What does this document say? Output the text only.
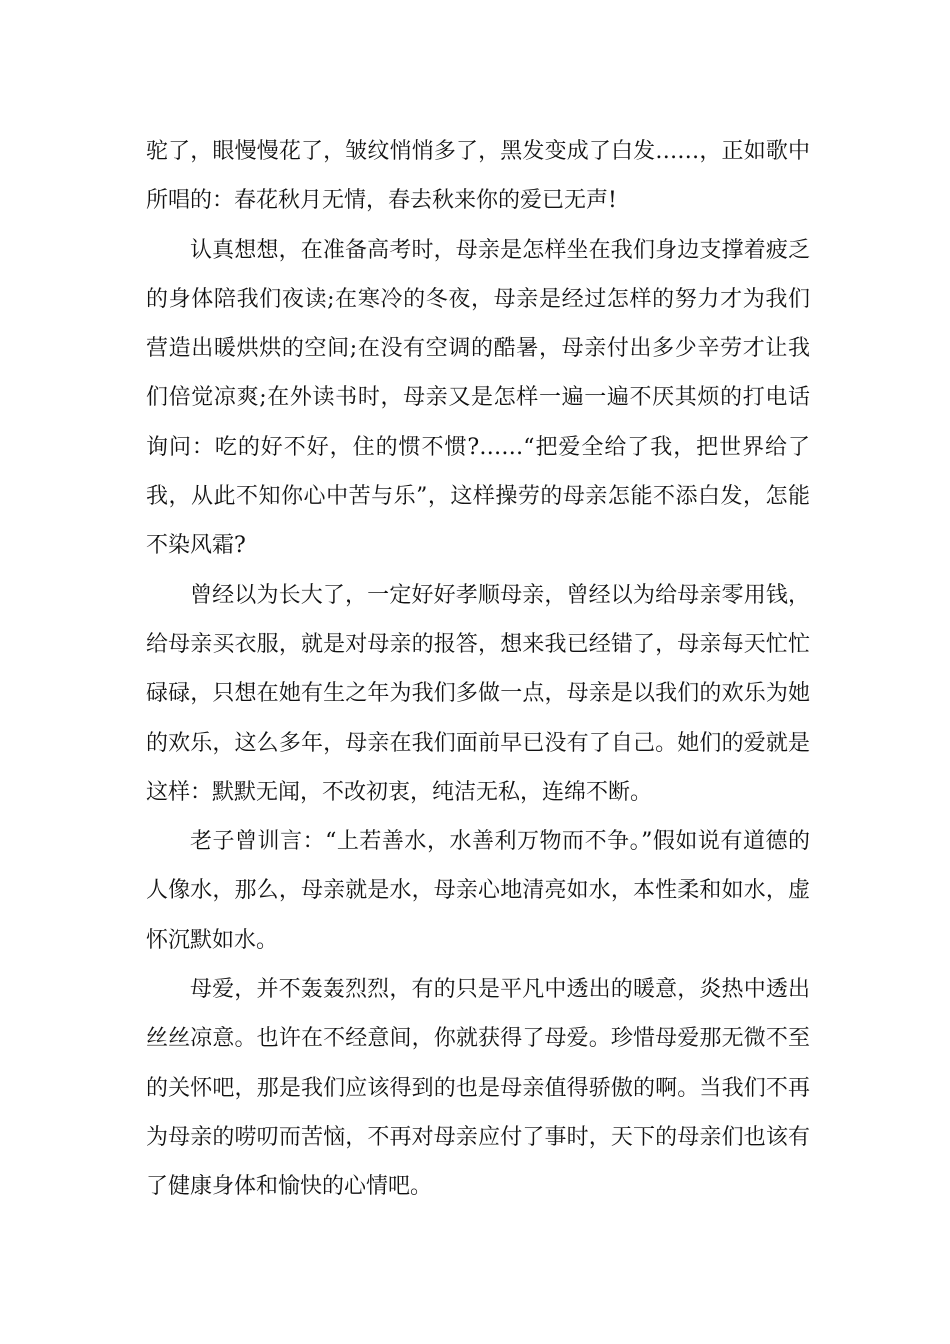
驼了，眼慢慢花了，皱纹悄悄多了，黑发变成了白发……，正如歌中所唱的：春花秋月无情，春去秋来你的爱已无声!

认真想想，在准备高考时，母亲是怎样坐在我们身边支撑着疲乏的身体陪我们夜读;在寒冷的冬夜，母亲是经过怎样的努力才为我们营造出暖烘烘的空间;在没有空调的酷暑，母亲付出多少辛劳才让我们倍觉凉爽;在外读书时，母亲又是怎样一遍一遍不厌其烦的打电话询问：吃的好不好，住的惯不惯?……“把爱全给了我，把世界给了我，从此不知你心中苦与乐”，这样操劳的母亲怎能不添白发，怎能不染风霜?

曾经以为长大了，一定好好孝顺母亲，曾经以为给母亲零用钱，给母亲买衣服，就是对母亲的报答，想来我已经错了，母亲每天忙忙碌碌，只想在她有生之年为我们多做一点，母亲是以我们的欢乐为她的欢乐，这么多年，母亲在我们面前早已没有了自己。她们的爱就是这样：默默无闻，不改初衷，纯洁无私，连绵不断。

老子曾训言：“上若善水，水善利万物而不争。”假如说有道德的人像水，那么，母亲就是水，母亲心地清亮如水，本性柔和如水，虚怀沉默如水。

母爱，并不轰轰烈烈，有的只是平凡中透出的暖意，炎热中透出丝丝凉意。也许在不经意间，你就获得了母爱。珍惜母爱那无微不至的关怀吧，那是我们应该得到的也是母亲值得骄傲的啊。当我们不再为母亲的唠叨而苦恼，不再对母亲应付了事时，天下的母亲们也该有了健康身体和愉快的心情吧。
